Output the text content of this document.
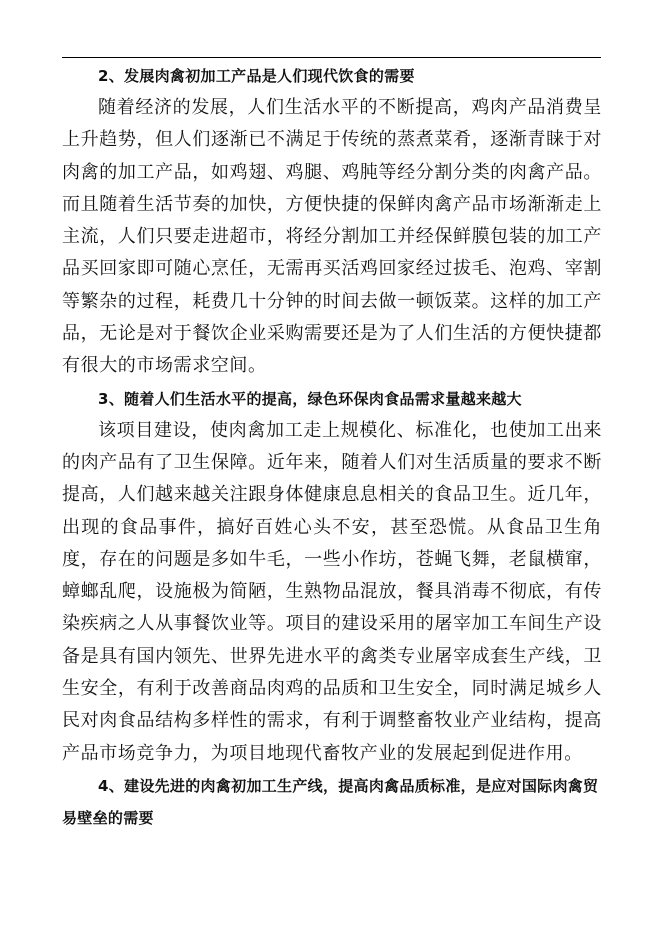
2、发展肉禽初加工产品是人们现代饮食的需要

随着经济的发展，人们生活水平的不断提高，鸡肉产品消费呈上升趋势，但人们逐渐已不满足于传统的蒸煮菜肴，逐渐青睐于对肉禽的加工产品，如鸡翅、鸡腿、鸡肫等经分割分类的肉禽产品。而且随着生活节奏的加快，方便快捷的保鲜肉禽产品市场渐渐走上主流，人们只要走进超市，将经分割加工并经保鲜膜包装的加工产品买回家即可随心烹任，无需再买活鸡回家经过拔毛、泡鸡、宰割等繁杂的过程，耗费几十分钟的时间去做一顿饭菜。这样的加工产品，无论是对于餐饮企业采购需要还是为了人们生活的方便快捷都有很大的市场需求空间。

3、随着人们生活水平的提高，绿色环保肉食品需求量越来越大

该项目建设，使肉禽加工走上规模化、标准化，也使加工出来的肉产品有了卫生保障。近年来，随着人们对生活质量的要求不断提高，人们越来越关注跟身体健康息息相关的食品卫生。近几年，出现的食品事件，搞好百姓心头不安，甚至恐慌。从食品卫生角度，存在的问题是多如牛毛，一些小作坊，苍蝇飞舞，老鼠横窜，蟑螂乱爬，设施极为简陋，生熟物品混放，餐具消毒不彻底，有传染疾病之人从事餐饮业等。项目的建设采用的屠宰加工车间生产设备是具有国内领先、世界先进水平的禽类专业屠宰成套生产线，卫生安全，有利于改善商品肉鸡的品质和卫生安全，同时满足城乡人民对肉食品结构多样性的需求，有利于调整畜牧业产业结构，提高产品市场竞争力，为项目地现代畜牧产业的发展起到促进作用。

4、建设先进的肉禽初加工生产线，提高肉禽品质标准，是应对国际肉禽贸易壁垒的需要
